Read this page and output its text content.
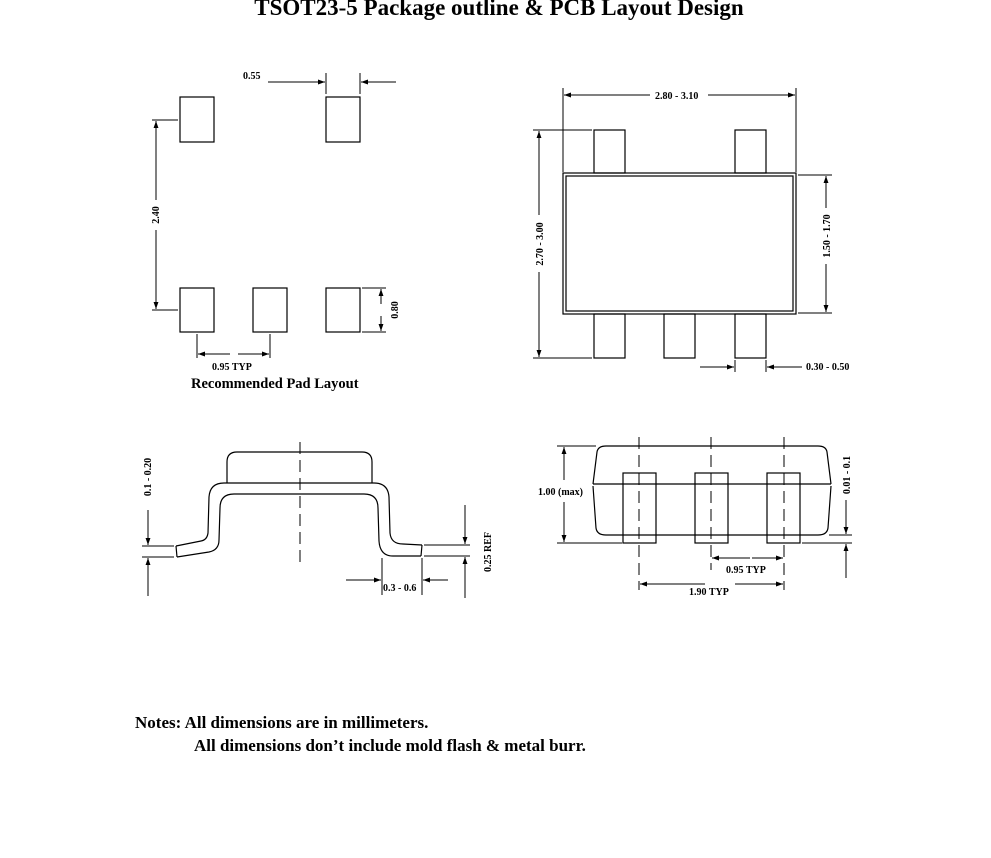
TSOT23-5 Package outline & PCB Layout Design
0.55
2.40
0.80
0.95 TYP
2.80 - 3.10
2.70 - 3.00	1.50 - 1.70
0.30 - 0.50
0.1 - 0.20
0.25 REF
0.3 - 0.6
1.00 (max)	0.01 - 0.1
0.95 TYP
1.90 TYP
Recommended Pad Layout
Notes: All dimensions are in millimeters.
All dimensions don’t include mold flash & metal burr.
